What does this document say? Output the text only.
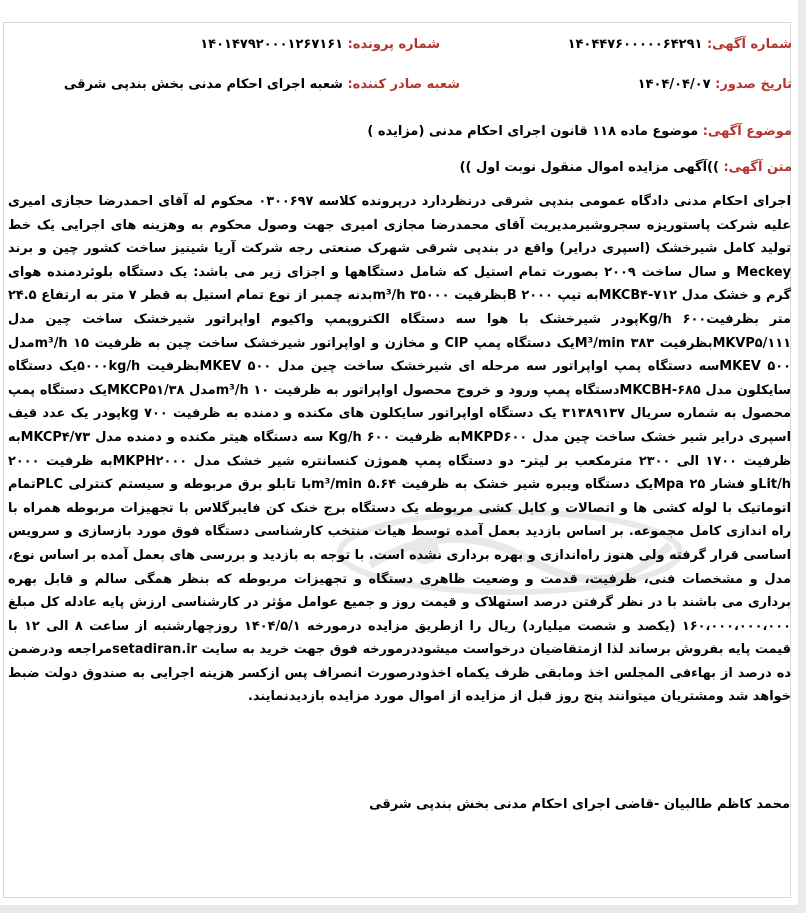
شماره آگهی: ۱۴۰۴۴۷۶۰۰۰۰۰۶۴۲۹۱
شماره پرونده: ۱۴۰۱۴۷۹۲۰۰۰۱۲۶۷۱۶۱
تاریخ صدور: ۱۴۰۴/۰۴/۰۷
شعبه صادر کننده: شعبه اجرای احکام مدنی بخش بندپی شرقی
موضوع آگهی: موضوع ماده ۱۱۸ قانون اجرای احکام مدنی (مزایده )
متن آگهی: ))آگهی مزایده اموال منقول نوبت اول ))
اجرای احکام مدنی دادگاه عمومی بندپی شرقی درنظردارد درپرونده کلاسه ۰۳۰۰۶۹۷ محکوم له آقای احمدرضا حجازی امیری علیه شرکت پاستوریزه سجروشیرمدیریت آقای محمدرضا مجازی امیری جهت وصول محکوم به وهزینه های اجرایی یک خط تولید کامل شیرخشک (اسپری درایر) واقع در بندپی شرقی شهرک صنعتی رجه شرکت آریا شینیز ساخت کشور چین و برند Meckey و سال ساخت ۲۰۰۹ بصورت تمام استیل که شامل دستگاهها و اجزای زیر می باشد: یک دستگاه بلوئردمنده هوای گرم و خشک مدل MKCB۴-۷۱۲به تیپ B ۲۰۰۰بظرفیت ۳۵۰۰۰ m³/hبدنه چمبر از نوع تمام استیل به قطر ۷ متر به ارتفاع ۲۴.۵ متر بظرفیت۶۰۰ Kg/hپودر شیرخشک با هوا سه دستگاه الکتروپمپ واکیوم اواپراتور شیرخشک ساخت چین مدل MKVP۵/۱۱۱بظرفیت ۳۸۳ M³/minیک دستگاه پمپ CIP و مخازن و اواپراتور شیرخشک ساخت چین به ظرفیت ۱۵ m³/hمدل ۵۰۰ MKEVسه دستگاه پمپ اواپراتور سه مرحله ای شیرخشک ساخت چین مدل ۵۰۰ MKEVبظرفیت ۵۰۰۰kg/hیک دستگاه سایکلون مدل MKCBH-۶۸۵دستگاه پمپ ورود و خروج محصول اواپراتور به ظرفیت ۱۰ m³/hمدل MKCP۵۱/۳۸یک دستگاه پمپ محصول به شماره سریال ۳۱۳۸۹۱۳۷ یک دستگاه اواپراتور سایکلون های مکنده و دمنده به ظرفیت ۷۰۰ kgپودر یک عدد قیف اسپری درایر شیر خشک ساخت چین مدل MKPD۶۰۰به ظرفیت ۶۰۰ Kg/h سه دستگاه هیتر مکنده و دمنده مدل MKCP۴/۷۳به ظرفیت ۱۷۰۰ الی ۲۳۰۰ مترمکعب بر لیتر- دو دستگاه پمپ هموژن کنسانتره شیر خشک مدل MKPH۲۰۰۰به ظرفیت ۲۰۰۰ Lit/hو فشار ۲۵ Mpaیک دستگاه ویبره شیر خشک به ظرفیت ۵.۶۴ m³/minبا تابلو برق مربوطه و سیستم کنترلی PLCتمام اتوماتیک با لوله کشی ها و اتصالات و کابل کشی مربوطه یک دستگاه برج خنک کن فایبرگلاس با تجهیزات مربوطه همراه با راه اندازی کامل مجموعه. بر اساس بازدید بعمل آمده توسط هیات منتخب کارشناسی دستگاه فوق مورد بازسازی و سرویس اساسی قرار گرفته ولی هنوز راه‌اندازی و بهره برداری نشده است. با توجه به بازدید و بررسی های بعمل آمده بر اساس نوع، مدل و مشخصات فنی، ظرفیت، قدمت و وضعیت ظاهری دستگاه و تجهیزات مربوطه که بنظر همگی سالم و قابل بهره برداری می باشند با در نظر گرفتن درصد استهلاک و قیمت روز و جمیع عوامل مؤثر در کارشناسی ارزش پایه عادله کل مبلغ ۱۶۰،۰۰۰،۰۰۰،۰۰۰ (یکصد و شصت میلیارد) ریال را ازطریق مزایده درمورخه ۱۴۰۴/۵/۱ روزچهارشنبه از ساعت ۸ الی ۱۲ با قیمت پایه بفروش برساند لذا ازمتقاضیان درخواست میشوددرمورخه فوق جهت خرید به سایت setadiran.irمراجعه ودرضمن ده درصد از بهاءفی المجلس اخذ ومابقی ظرف یکماه اخذودرصورت انصراف پس ازکسر هزینه اجرایی به صندوق دولت ضبط خواهد شد ومشتریان میتوانند پنج روز قبل از مزایده از اموال مورد مزایده بازدیدنمایند.
محمد کاظم طالبیان -قاضی اجرای احکام مدنی بخش بندپی شرقی
